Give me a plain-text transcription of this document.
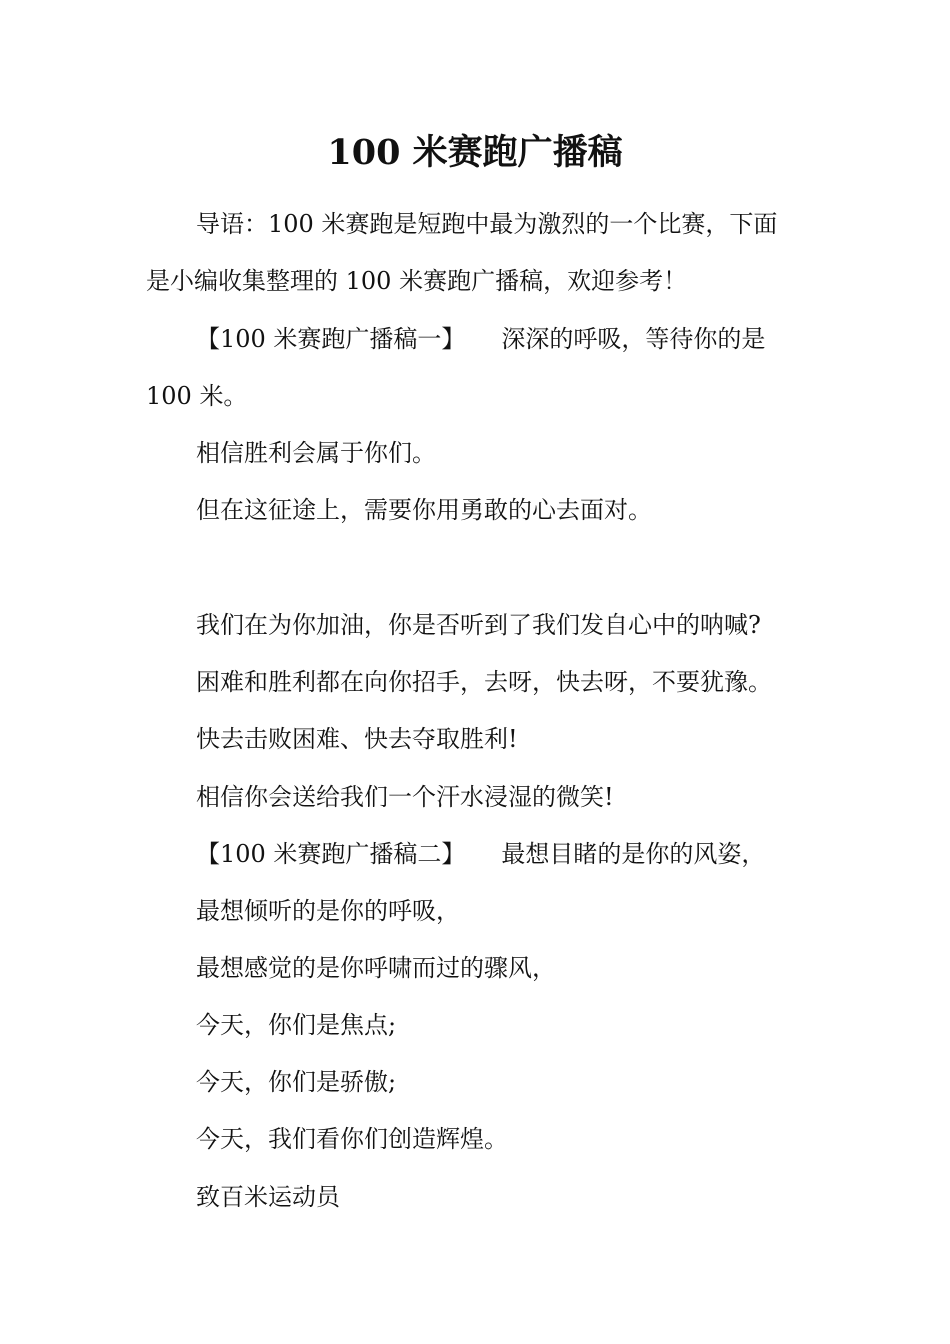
100 米赛跑广播稿
导语：100 米赛跑是短跑中最为激烈的一个比赛，下面
是小编收集整理的 100 米赛跑广播稿，欢迎参考！
【100 米赛跑广播稿一】　　深深的呼吸，等待你的是
100 米。
相信胜利会属于你们。
但在这征途上，需要你用勇敢的心去面对。
我们在为你加油，你是否听到了我们发自心中的呐喊?
困难和胜利都在向你招手，去呀，快去呀，不要犹豫。
快去击败困难、快去夺取胜利!
相信你会送给我们一个汗水浸湿的微笑!
【100 米赛跑广播稿二】　　最想目睹的是你的风姿，
最想倾听的是你的呼吸，
最想感觉的是你呼啸而过的骤风，
今天，你们是焦点;
今天，你们是骄傲;
今天，我们看你们创造辉煌。
致百米运动员
